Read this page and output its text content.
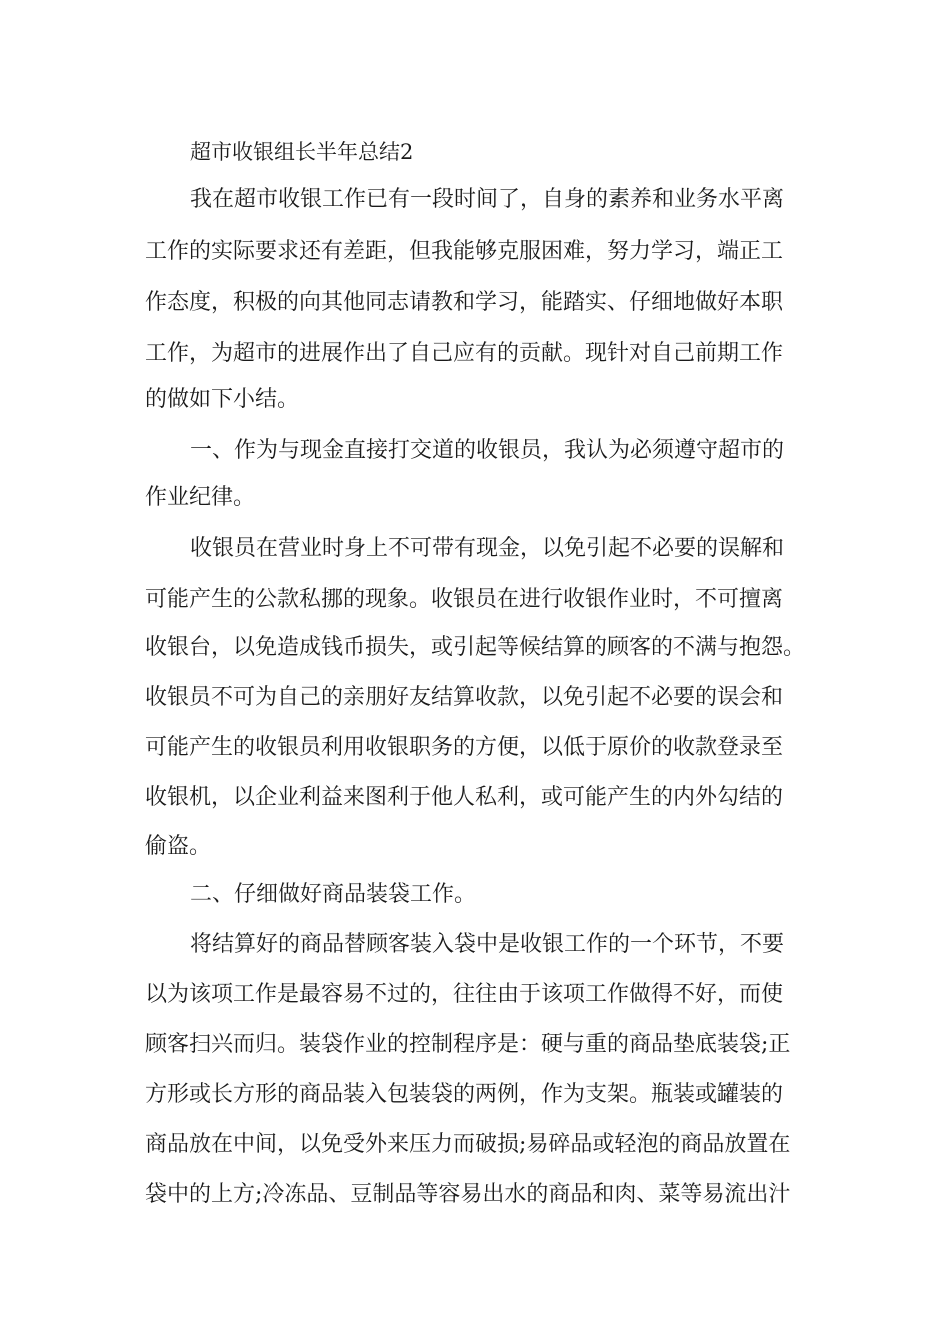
超市收银组长半年总结2

我在超市收银工作已有一段时间了，自身的素养和业务水平离

工作的实际要求还有差距，但我能够克服困难，努力学习，端正工

作态度，积极的向其他同志请教和学习，能踏实、仔细地做好本职

工作，为超市的进展作出了自己应有的贡献。现针对自己前期工作

的做如下小结。

一、作为与现金直接打交道的收银员，我认为必须遵守超市的

作业纪律。

收银员在营业时身上不可带有现金，以免引起不必要的误解和

可能产生的公款私挪的现象。收银员在进行收银作业时，不可擅离

收银台，以免造成钱币损失，或引起等候结算的顾客的不满与抱怨。

收银员不可为自己的亲朋好友结算收款，以免引起不必要的误会和

可能产生的收银员利用收银职务的方便，以低于原价的收款登录至

收银机，以企业利益来图利于他人私利，或可能产生的内外勾结的

偷盗。

二、仔细做好商品装袋工作。

将结算好的商品替顾客装入袋中是收银工作的一个环节，不要

以为该项工作是最容易不过的，往往由于该项工作做得不好，而使

顾客扫兴而归。装袋作业的控制程序是：硬与重的商品垫底装袋;正

方形或长方形的商品装入包装袋的两例，作为支架。瓶装或罐装的

商品放在中间，以免受外来压力而破损;易碎品或轻泡的商品放置在

袋中的上方;冷冻品、豆制品等容易出水的商品和肉、菜等易流出汁
